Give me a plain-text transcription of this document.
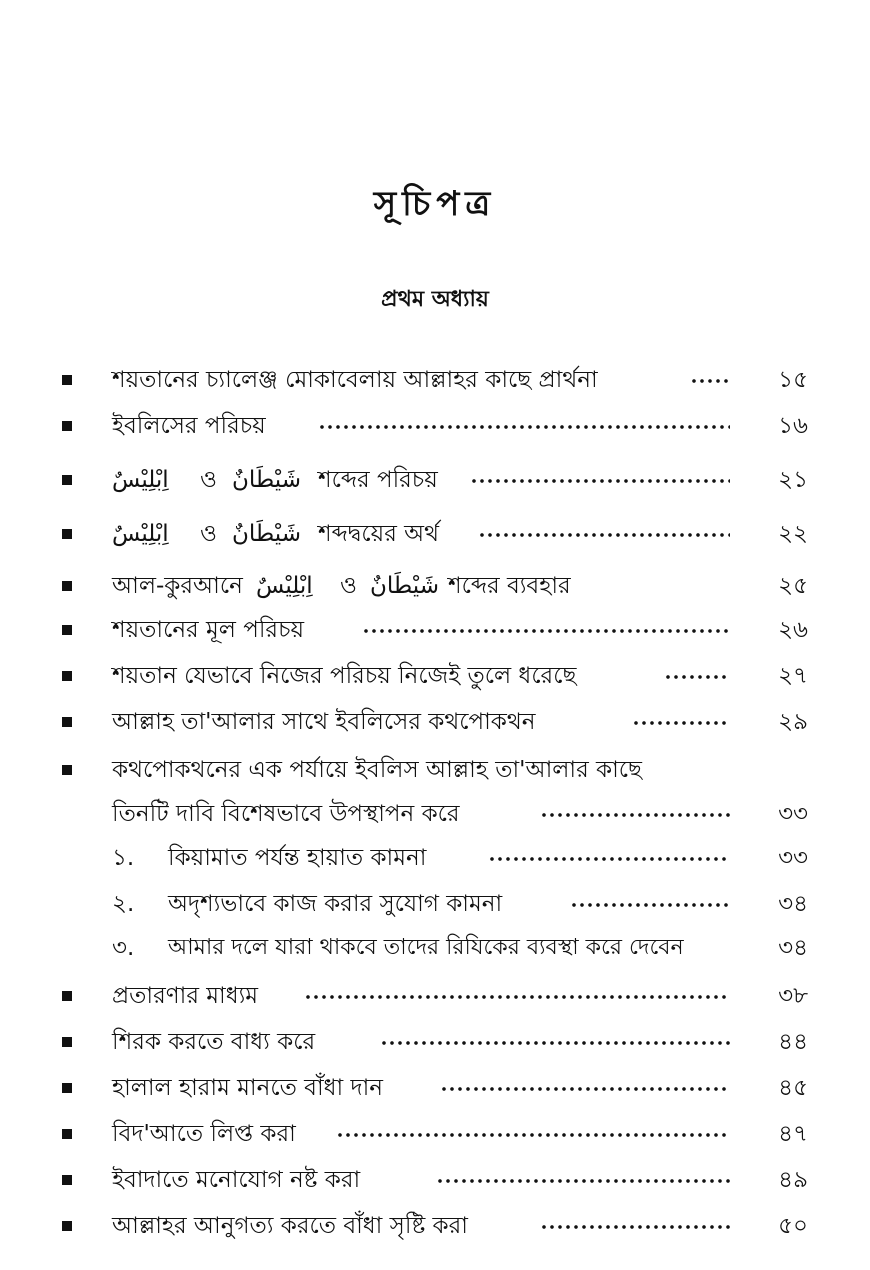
সূচিপত্র
প্রথম অধ্যায়
শয়তানের চ্যালেঞ্জ মোকাবেলায় আল্লাহর কাছে প্রার্থনা	১৫
ইবলিসের পরিচয়	১৬
اِبْلِيْسٌ ও شَيْطَانٌ শব্দের পরিচয়	২১
اِبْلِيْسٌ ও شَيْطَانٌ শব্দদ্বয়ের অর্থ	২২
আল-কুরআনে اِبْلِيْسٌ ও شَيْطَانٌ শব্দের ব্যবহার	২৫
শয়তানের মূল পরিচয়	২৬
শয়তান যেভাবে নিজের পরিচয় নিজেই তুলে ধরেছে	২৭
আল্লাহ তা'আলার সাথে ইবলিসের কথপোকথন	২৯
কথপোকথনের এক পর্যায়ে ইবলিস আল্লাহ তা'আলার কাছে
তিনটি দাবি বিশেষভাবে উপস্থাপন করে	৩৩
১. কিয়ামাত পর্যন্ত হায়াত কামনা	৩৩
২. অদৃশ্যভাবে কাজ করার সুযোগ কামনা	৩৪
৩. আমার দলে যারা থাকবে তাদের রিযিকের ব্যবস্থা করে দেবেন	৩৪
প্রতারণার মাধ্যম	৩৮
শিরক করতে বাধ্য করে	৪৪
হালাল হারাম মানতে বাঁধা দান	৪৫
বিদ'আতে লিপ্ত করা	৪৭
ইবাদাতে মনোযোগ নষ্ট করা	৪৯
আল্লাহর আনুগত্য করতে বাঁধা সৃষ্টি করা	৫০
